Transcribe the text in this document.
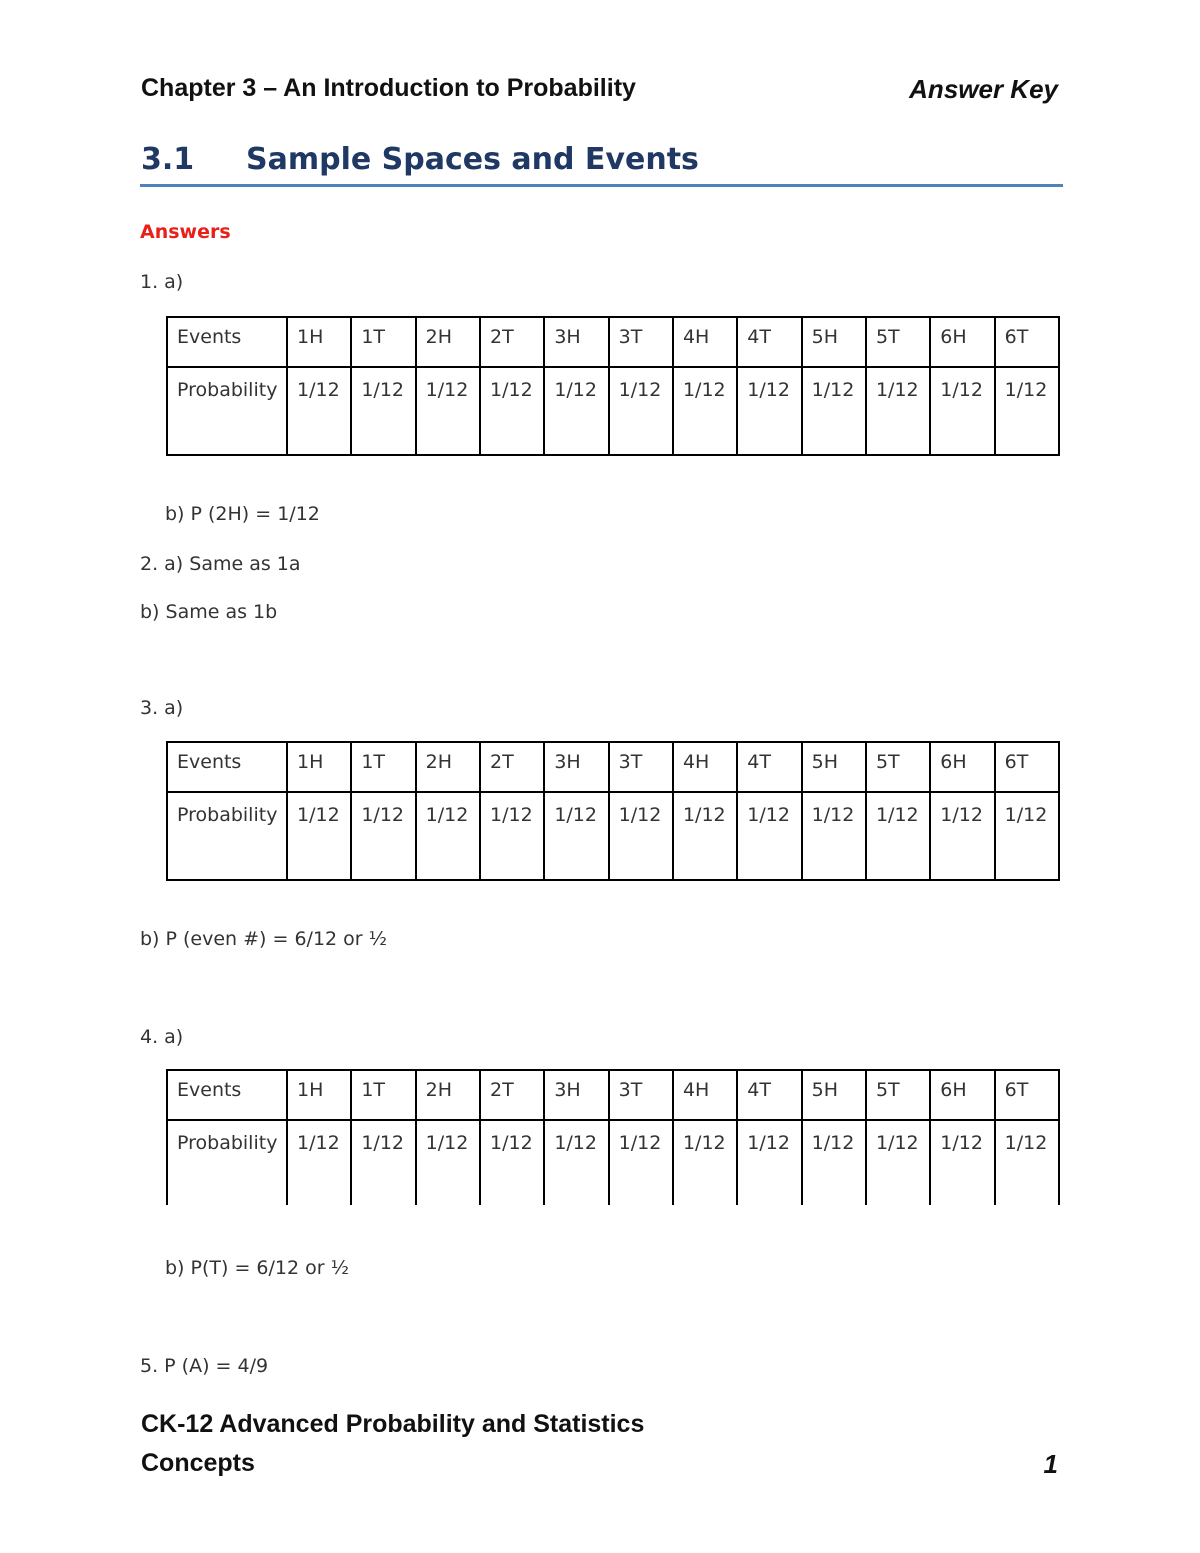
Chapter 3 – An Introduction to Probability	Answer Key
3.1 Sample Spaces and Events
Answers
1. a)
Events	1H	1T	2H	2T	3H	3T	4H	4T	5H	5T	6H	6T
Probability	1/12	1/12	1/12	1/12	1/12	1/12	1/12	1/12	1/12	1/12	1/12	1/12
b) P (2H) = 1/12
2. a) Same as 1a
b) Same as 1b
3. a)
Events	1H	1T	2H	2T	3H	3T	4H	4T	5H	5T	6H	6T
Probability	1/12	1/12	1/12	1/12	1/12	1/12	1/12	1/12	1/12	1/12	1/12	1/12
b) P (even #) = 6/12 or ½
4. a)
Events	1H	1T	2H	2T	3H	3T	4H	4T	5H	5T	6H	6T
Probability	1/12	1/12	1/12	1/12	1/12	1/12	1/12	1/12	1/12	1/12	1/12	1/12
b) P(T) = 6/12 or ½
5. P (A) = 4/9
CK-12 Advanced Probability and Statistics
Concepts	1
